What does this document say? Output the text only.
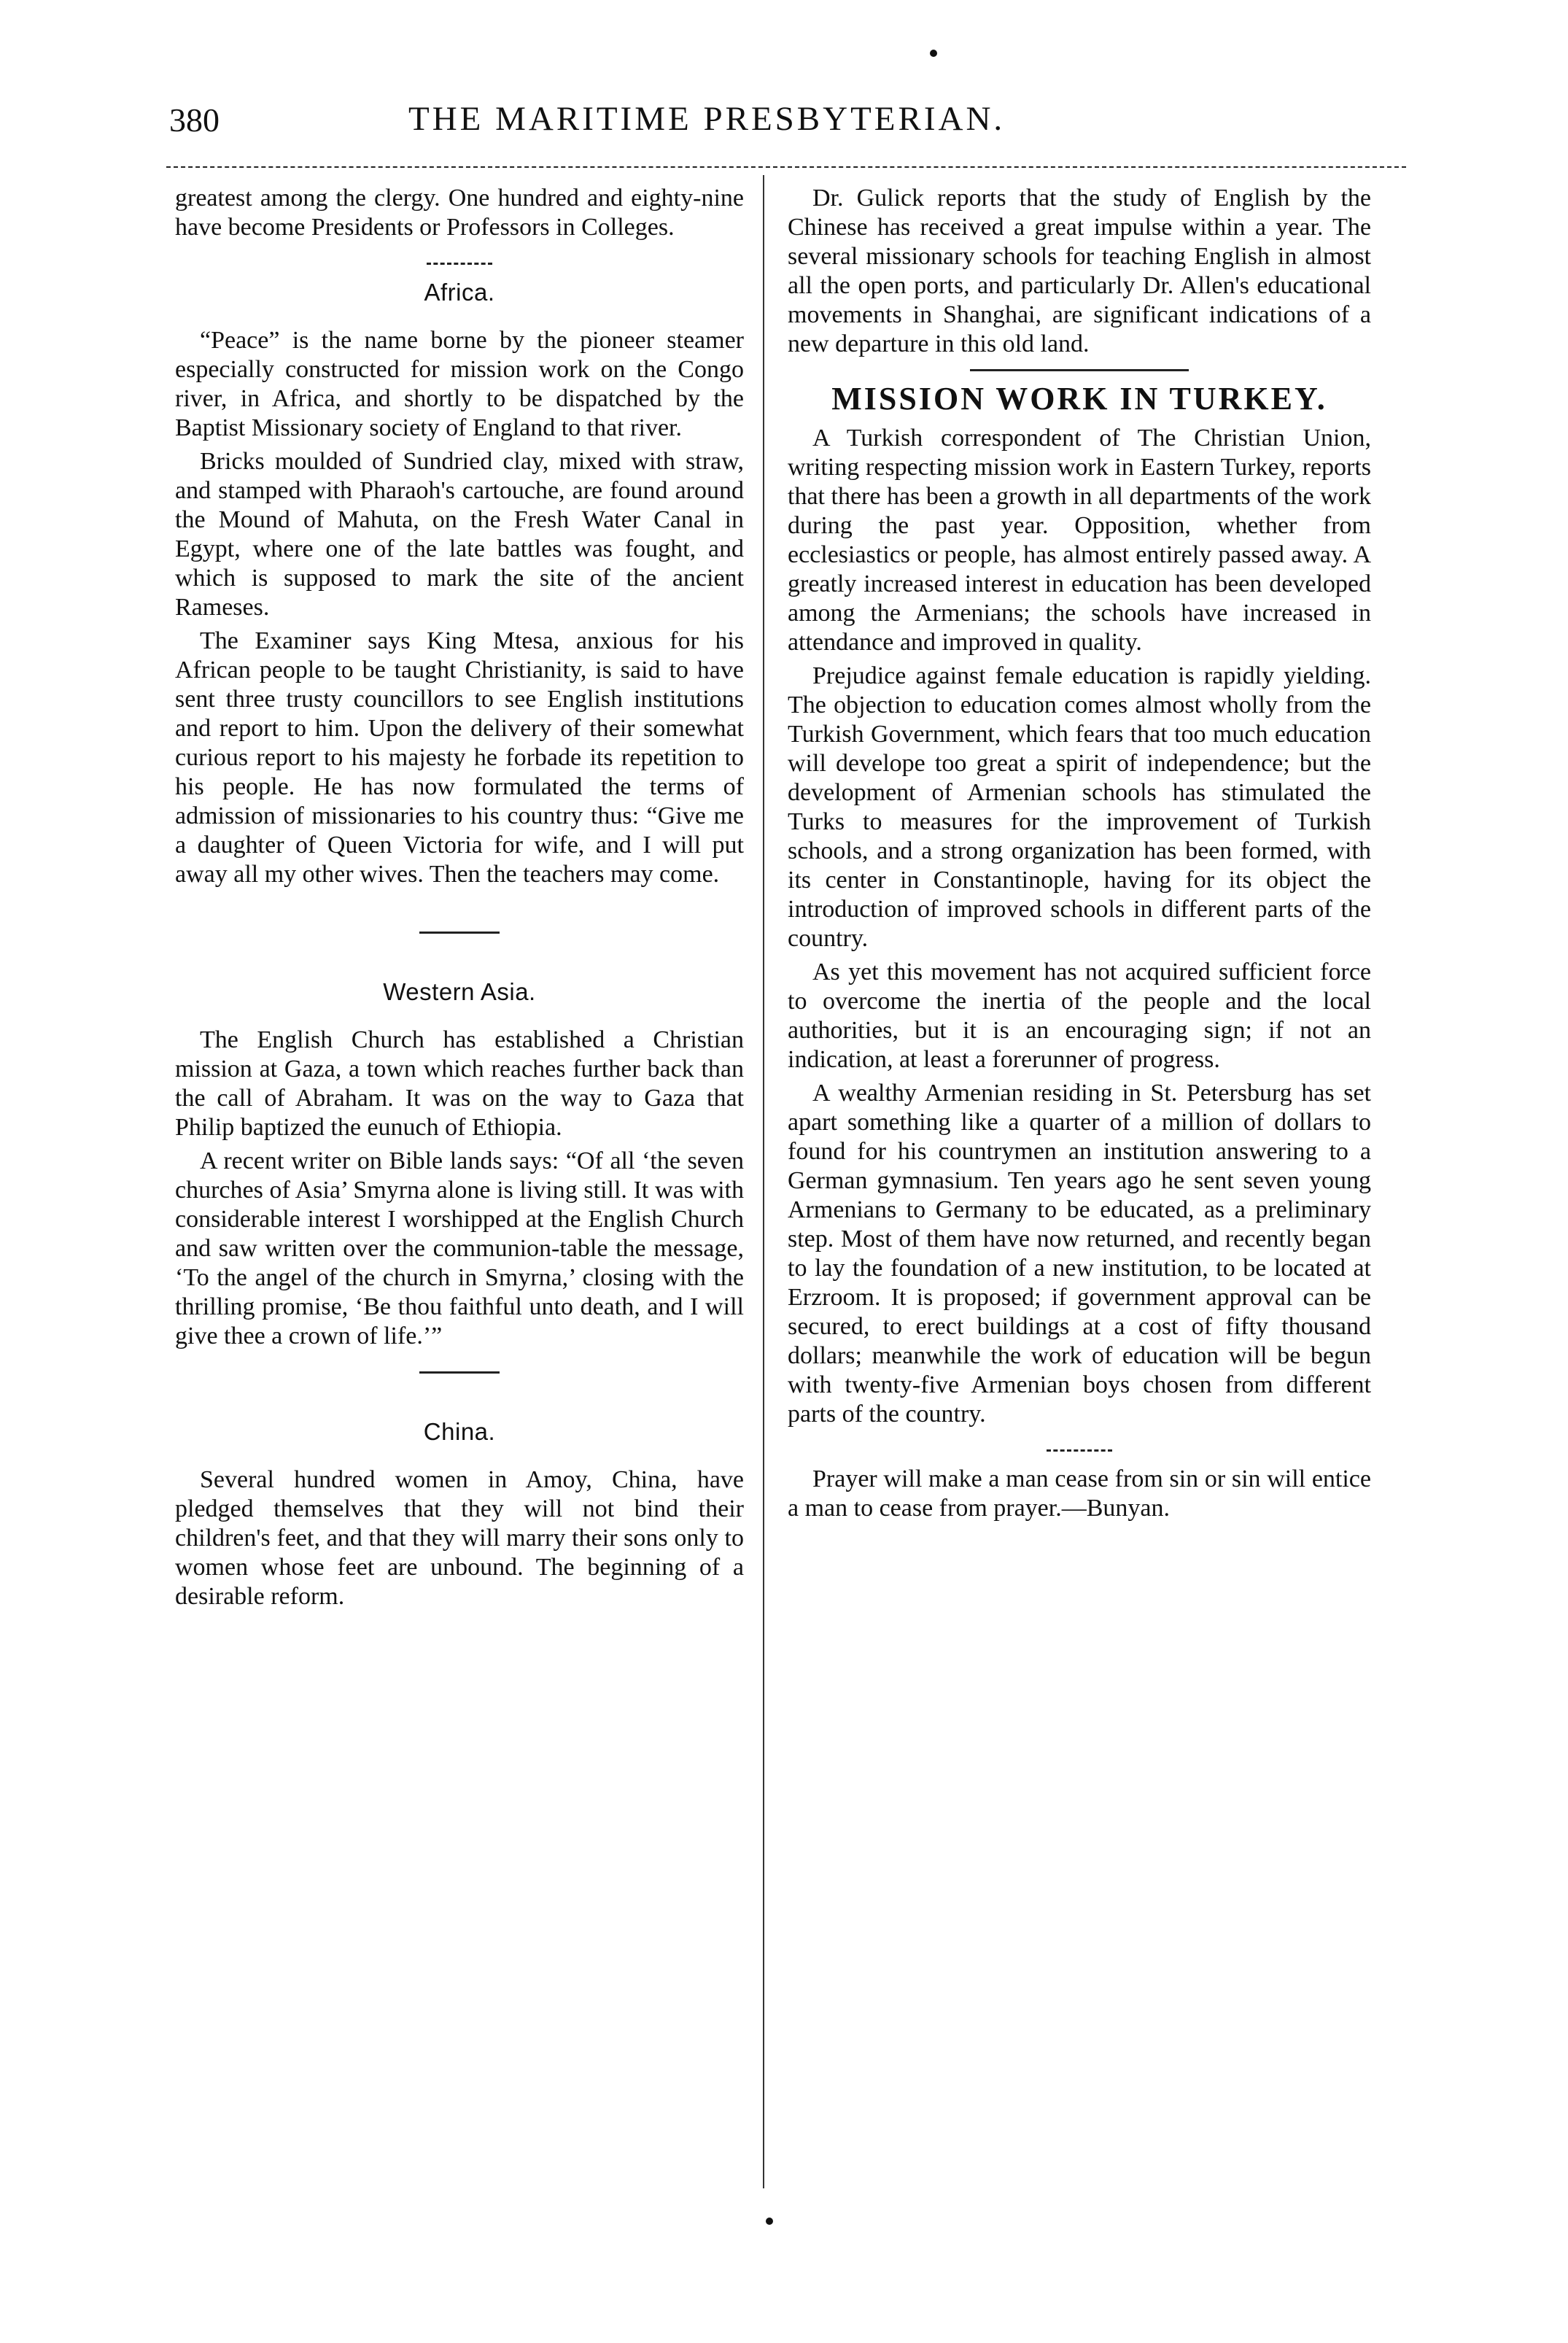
380	THE MARITIME PRESBYTERIAN.

greatest among the clergy. One hundred and eighty-nine have become Presidents or Professors in Colleges.

Africa.

“Peace” is the name borne by the pioneer steamer especially constructed for mission work on the Congo river, in Africa, and shortly to be dispatched by the Baptist Missionary society of England to that river.

Bricks moulded of Sundried clay, mixed with straw, and stamped with Pharaoh's cartouche, are found around the Mound of Mahuta, on the Fresh Water Canal in Egypt, where one of the late battles was fought, and which is supposed to mark the site of the ancient Rameses.

The Examiner says King Mtesa, anxious for his African people to be taught Christianity, is said to have sent three trusty councillors to see English institutions and report to him. Upon the delivery of their somewhat curious report to his majesty he forbade its repetition to his people. He has now formulated the terms of admission of missionaries to his country thus: “Give me a daughter of Queen Victoria for wife, and I will put away all my other wives. Then the teachers may come.

Western Asia.

The English Church has established a Christian mission at Gaza, a town which reaches further back than the call of Abraham. It was on the way to Gaza that Philip baptized the eunuch of Ethiopia.

A recent writer on Bible lands says: “Of all ‘the seven churches of Asia’ Smyrna alone is living still. It was with considerable interest I worshipped at the English Church and saw written over the communion-table the message, ‘To the angel of the church in Smyrna,’ closing with the thrilling promise, ‘Be thou faithful unto death, and I will give thee a crown of life.’”

China.

Several hundred women in Amoy, China, have pledged themselves that they will not bind their children's feet, and that they will marry their sons only to women whose feet are unbound. The beginning of a desirable reform.

Dr. Gulick reports that the study of English by the Chinese has received a great impulse within a year. The several missionary schools for teaching English in almost all the open ports, and particularly Dr. Allen's educational movements in Shanghai, are significant indications of a new departure in this old land.

MISSION WORK IN TURKEY.

A Turkish correspondent of The Christian Union, writing respecting mission work in Eastern Turkey, reports that there has been a growth in all departments of the work during the past year. Opposition, whether from ecclesiastics or people, has almost entirely passed away. A greatly increased interest in education has been developed among the Armenians; the schools have increased in attendance and improved in quality.

Prejudice against female education is rapidly yielding. The objection to education comes almost wholly from the Turkish Government, which fears that too much education will develope too great a spirit of independence; but the development of Armenian schools has stimulated the Turks to measures for the improvement of Turkish schools, and a strong organization has been formed, with its center in Constantinople, having for its object the introduction of improved schools in different parts of the country.

As yet this movement has not acquired sufficient force to overcome the inertia of the people and the local authorities, but it is an encouraging sign; if not an indication, at least a forerunner of progress.

A wealthy Armenian residing in St. Petersburg has set apart something like a quarter of a million of dollars to found for his countrymen an institution answering to a German gymnasium. Ten years ago he sent seven young Armenians to Germany to be educated, as a preliminary step. Most of them have now returned, and recently began to lay the foundation of a new institution, to be located at Erzroom. It is proposed; if government approval can be secured, to erect buildings at a cost of fifty thousand dollars; meanwhile the work of education will be begun with twenty-five Armenian boys chosen from different parts of the country.

Prayer will make a man cease from sin or sin will entice a man to cease from prayer.—Bunyan.
